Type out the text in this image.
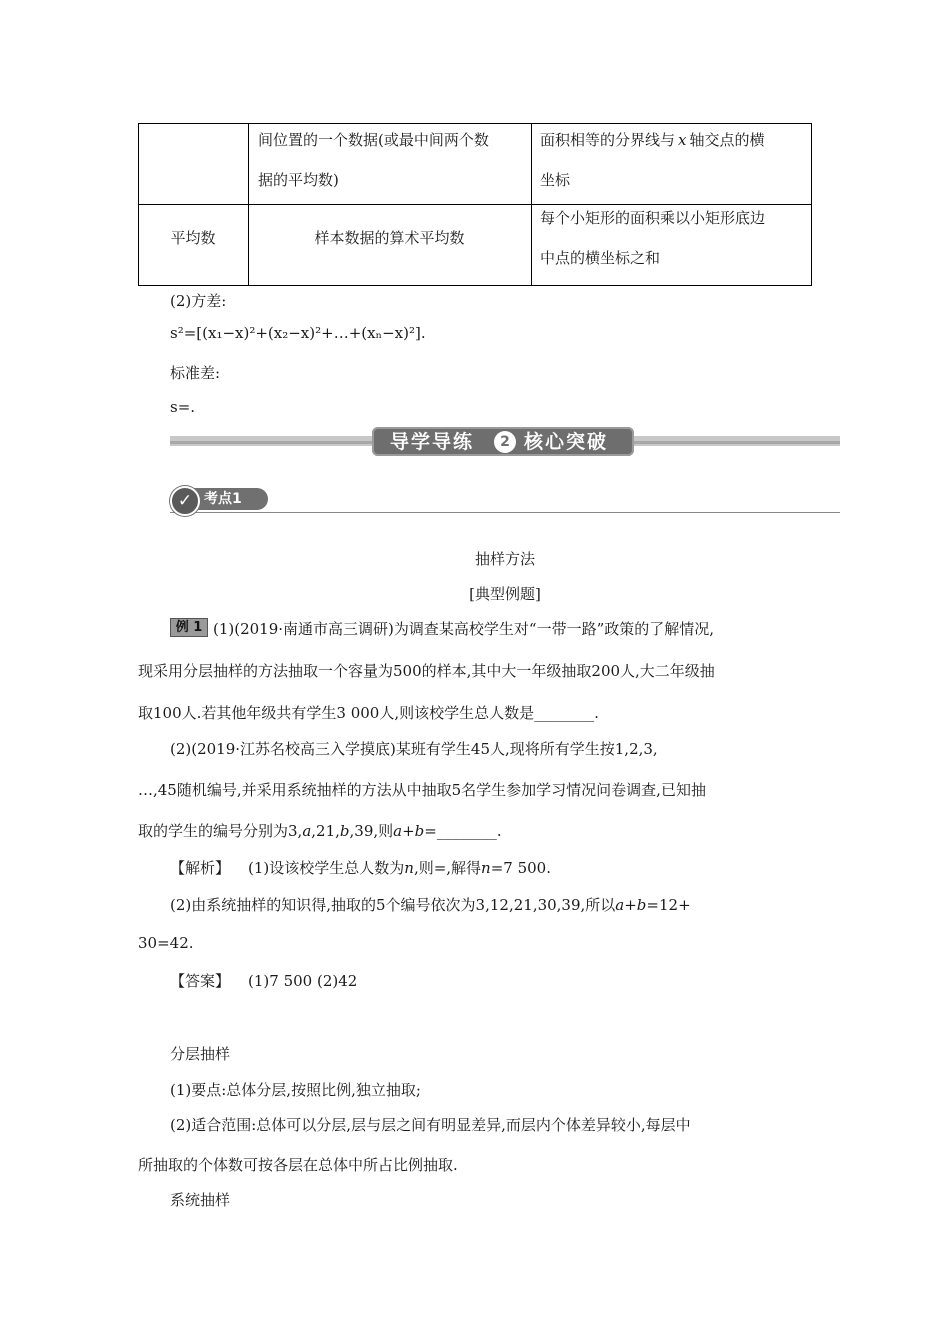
间位置的一个数据(或最中间两个数
据的平均数)
面积相等的分界线与 x 轴交点的横
坐标
平均数	样本数据的算术平均数
每个小矩形的面积乘以小矩形底边
中点的横坐标之和
(2)方差:
s²=[(x₁−x)²+(x₂−x)²+…+(xₙ−x)²].
标准差:
s=.
导学导练	2 核心突破
✓ 考点1
抽样方法
[典型例题]
例 1 (1)(2019·南通市高三调研)为调查某高校学生对“一带一路”政策的了解情况,
现采用分层抽样的方法抽取一个容量为500的样本,其中大一年级抽取200人,大二年级抽
取100人.若其他年级共有学生3 000人,则该校学生总人数是________.
(2)(2019·江苏名校高三入学摸底)某班有学生45人,现将所有学生按1,2,3,
…,45随机编号,并采用系统抽样的方法从中抽取5名学生参加学习情况问卷调查,已知抽
取的学生的编号分别为3,a,21,b,39,则a+b=________.
【解析】 (1)设该校学生总人数为n,则=,解得n=7 500.
(2)由系统抽样的知识得,抽取的5个编号依次为3,12,21,30,39,所以a+b=12+
30=42.
【答案】 (1)7 500 (2)42
分层抽样
(1)要点:总体分层,按照比例,独立抽取;
(2)适合范围:总体可以分层,层与层之间有明显差异,而层内个体差异较小,每层中
所抽取的个体数可按各层在总体中所占比例抽取.
系统抽样
